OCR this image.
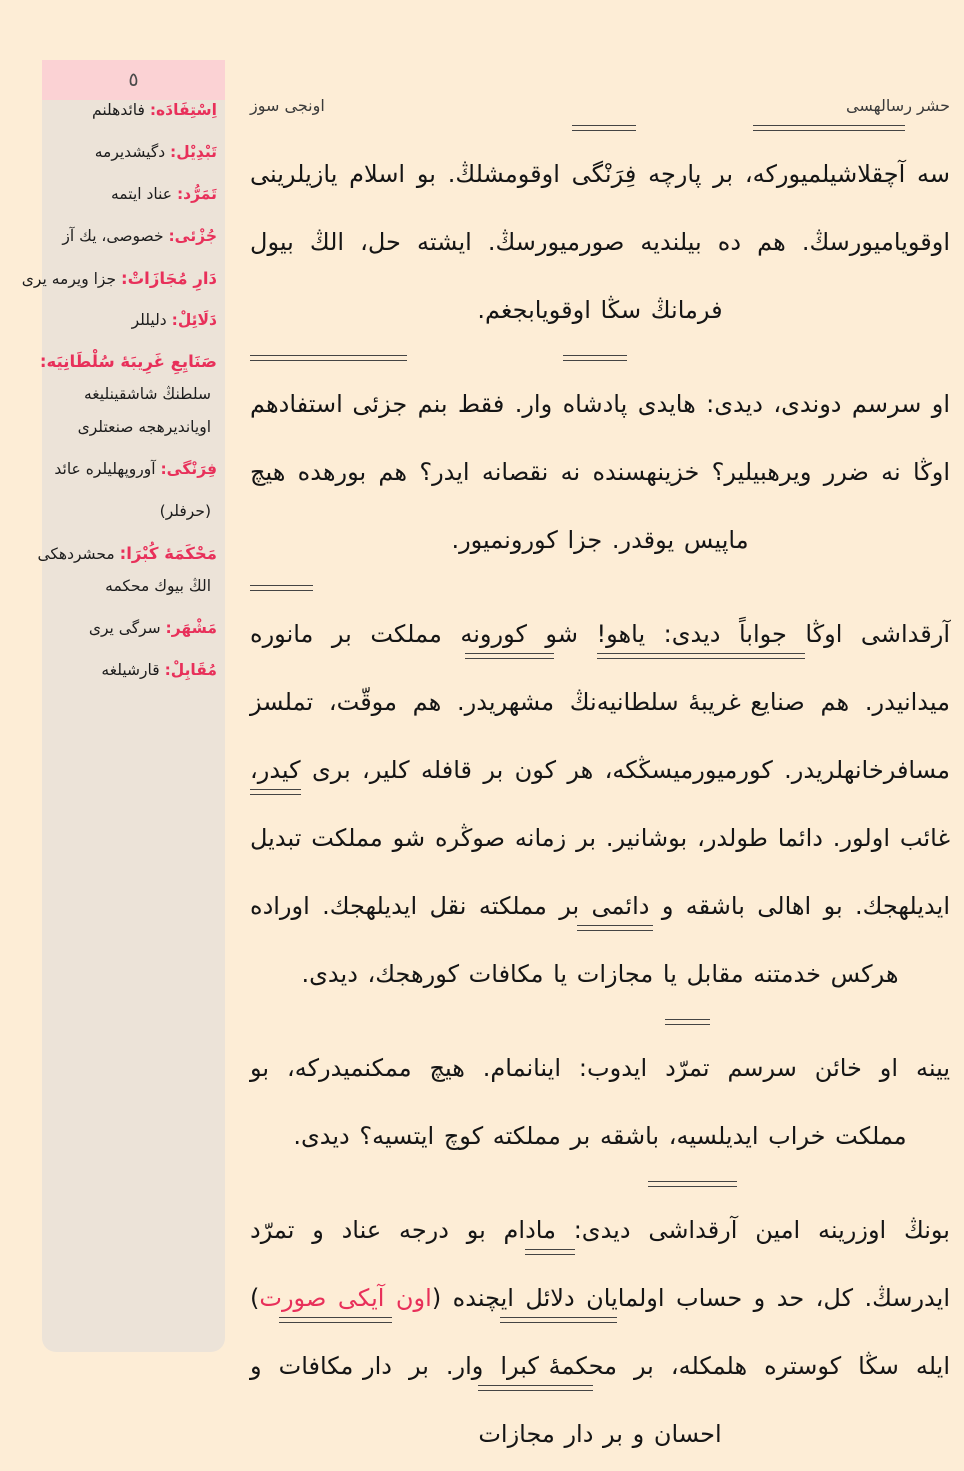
٥
اِسْتِفَادَه: فائدهلنم
تَبْدِیْل: دگیشدیرمه
تَمَرُّد: عناد ایتمه
جُزْئی: خصوصی، یك آز
دَارِ مُجَازَاتْ: جزا ویرمه یری
دَلَائِلْ: دلیللر
صَنَایِعِ غَرِیبَهٔ سُلْطَانِیَه:
سلطنڭ شاشقینلیغه
اویاندیرهجه صنعتلری
فِرَنْگی: آوروپهلیلره عائد
(حرفلر)
مَحْکَمَهٔ کُبْرَا: محشردهکی
الڭ بیوك محکمه
مَشْهَر: سرگی یری
مُقَابِلْ: قارشیلغه
اونجی سوز	حشر رسالهسی

سه آچقلاشیلمیورکه، بر پارچه فِرَنْگی اوقومشلڭ. بو اسلام یازیلرینی اوقویامیورسڭ. هم ده بیلندیه صورمیورسڭ. ایشته حل، الڭ بیول فرمانڭ سڭا اوقویابجغم.

او سرسم دوندی، دیدی: هایدی پادشاه وار. فقط بنم جزئی استفادهم اوڭا نه ضرر ویرهبیلیر؟ خزینهسنده نه نقصانه ایدر؟ هم بورهده هیچ ماپیس یوقدر. جزا کورونمیور.

آرقداشی اوڭا جواباً دیدی: یاهو! شو کورونه مملکت بر مانوره میدانیدر. هم صنایع غریبهٔ سلطانیهنڭ مشهریدر. هم موقّت، تملسز مسافرخانهلریدر. کورمیورمیسڭکه، هر کون بر قافله کلیر، بری کیدر، غائب اولور. دائما طولدر، بوشانیر. بر زمانه صوڭره شو مملکت تبدیل ایدیلهجك. بو اهالی باشقه و دائمی بر مملکته نقل ایدیلهجك. اوراده هرکس خدمتنه مقابل یا مجازات یا مكافات کورهجك، دیدی.

یینه او خائن سرسم تمرّد ایدوب: اینانمام. هیچ ممكنمیدرکه، بو مملکت خراب ایدیلسیه، باشقه بر مملکته کوچ ایتسیه؟ دیدی.

بونڭ اوزرینه امین آرقداشی دیدی: مادام بو درجه عناد و تمرّد ایدرسڭ. کل، حد و حساب اولمایان دلائل ایچنده (اون آیکی صورت) ایله سڭا کوستره هلمكله، بر محكمهٔ کبرا وار. بر دار مكافات و احسان و بر دار مجازات
